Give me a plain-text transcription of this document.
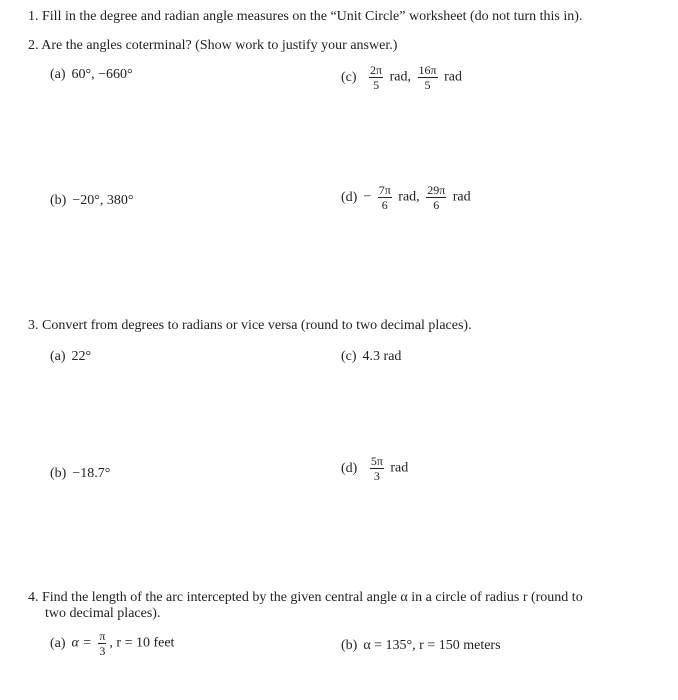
1. Fill in the degree and radian angle measures on the “Unit Circle” worksheet (do not turn this in).
2. Are the angles coterminal? (Show work to justify your answer.)
(a) 60°, −660°	$(c) \frac{2\pi}{5}$ rad, $\frac{16\pi}{5}$ rad
(b) −20°, 380°	$(d) - \frac{7\pi}{6}$ rad, $\frac{29\pi}{6}$ rad
3. Convert from degrees to radians or vice versa (round to two decimal places).
(a) 22°	(c) 4.3 rad
(b) −18.7°	$(d) \frac{5\pi}{3}$ rad
4. Find the length of the arc intercepted by the given central angle α in a circle of radius r (round to
two decimal places).
(a) $\alpha = \frac{\pi}{3}$ , r = 10 feet	(b) α = 135°, r = 150 meters
